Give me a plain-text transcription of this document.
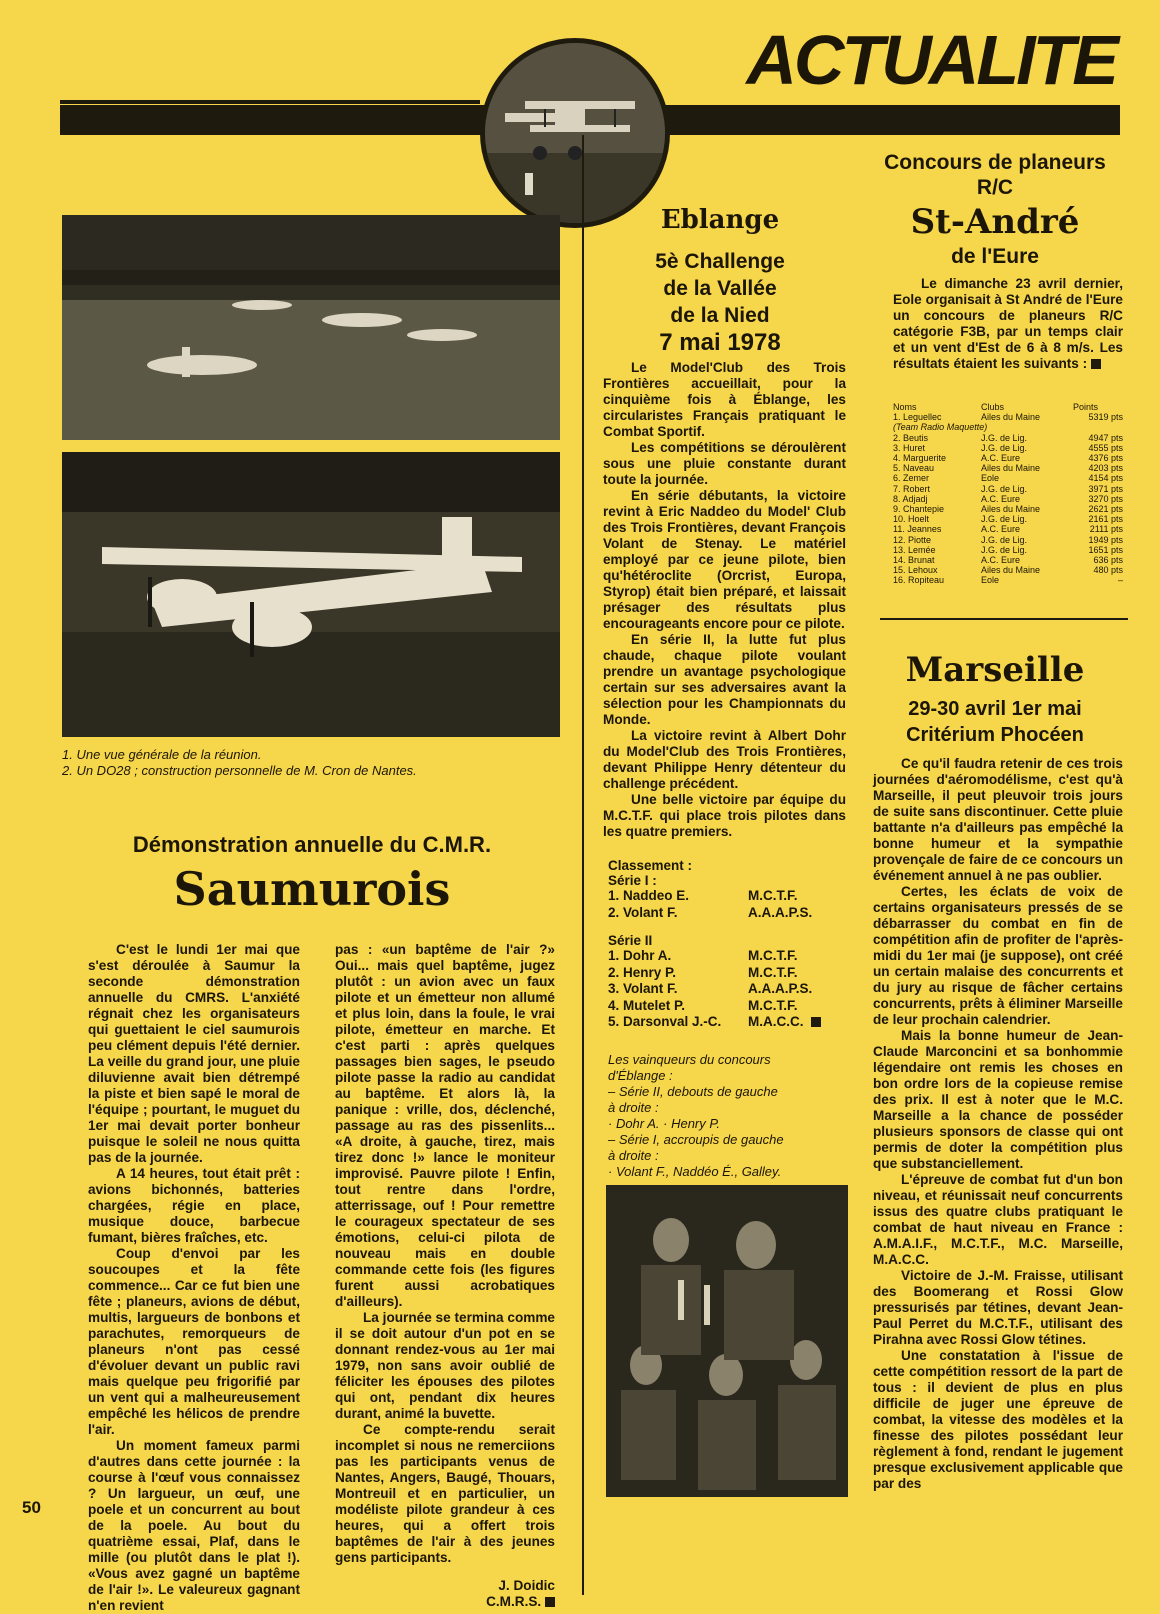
ACTUALITE
1. Une vue générale de la réunion.
2. Un DO28 ; construction personnelle de M. Cron de Nantes.
Démonstration annuelle du C.M.R.
Saumurois

C'est le lundi 1er mai que s'est déroulée à Saumur la seconde démonstration annuelle du CMRS. L'anxiété régnait chez les organisateurs qui guettaient le ciel saumurois peu clément depuis l'été dernier. La veille du grand jour, une pluie diluvienne avait bien détrempé la piste et bien sapé le moral de l'équipe ; pourtant, le muguet du 1er mai devait porter bonheur puisque le soleil ne nous quitta pas de la journée.

A 14 heures, tout était prêt : avions bichonnés, batteries chargées, régie en place, musique douce, barbecue fumant, bières fraîches, etc.

Coup d'envoi par les soucoupes et la fête commence... Car ce fut bien une fête ; planeurs, avions de début, multis, largueurs de bonbons et parachutes, remorqueurs de planeurs n'ont pas cessé d'évoluer devant un public ravi mais quelque peu frigorifié par un vent qui a malheureusement empêché les hélicos de prendre l'air.

Un moment fameux parmi d'autres dans cette journée : la course à l'œuf vous connaissez ? Un largueur, un œuf, une poele et un concurrent au bout de la poele. Au bout du quatrième essai, Plaf, dans le mille (ou plutôt dans le plat !). «Vous avez gagné un baptême de l'air !». Le valeureux gagnant n'en revient

50

pas : «un baptême de l'air ?» Oui... mais quel baptême, jugez plutôt : un avion avec un faux pilote et un émetteur non allumé et plus loin, dans la foule, le vrai pilote, émetteur en marche. Et c'est parti : après quelques passages bien sages, le pseudo pilote passe la radio au candidat au baptême. Et alors là, la panique : vrille, dos, déclenché, passage au ras des pissenlits... «A droite, à gauche, tirez, mais tirez donc !» lance le moniteur improvisé. Pauvre pilote ! Enfin, tout rentre dans l'ordre, atterrissage, ouf ! Pour remettre le courageux spectateur de ses émotions, celui-ci pilota de nouveau mais en double commande cette fois (les figures furent aussi acrobatiques d'ailleurs).

La journée se termina comme il se doit autour d'un pot en se donnant rendez-vous au 1er mai 1979, non sans avoir oublié de féliciter les épouses des pilotes qui ont, pendant dix heures durant, animé la buvette.

Ce compte-rendu serait incomplet si nous ne remerciions pas les participants venus de Nantes, Angers, Baugé, Thouars, Montreuil et en particulier, un modéliste pilote grandeur à ces heures, qui a offert trois baptêmes de l'air à des jeunes gens participants.

J. Doidic
C.M.R.S.
Eblange
5è Challenge
de la Vallée
de la Nied
7 mai 1978

Le Model'Club des Trois Frontières accueillait, pour la cinquième fois à Éblange, les circularistes Français pratiquant le Combat Sportif.

Les compétitions se déroulèrent sous une pluie constante durant toute la journée.

En série débutants, la victoire revint à Eric Naddeo du Model' Club des Trois Frontières, devant François Volant de Stenay. Le matériel employé par ce jeune pilote, bien qu'hétéroclite (Orcrist, Europa, Styrop) était bien préparé, et laissait présager des résultats plus encourageants encore pour ce pilote.

En série II, la lutte fut plus chaude, chaque pilote voulant prendre un avantage psychologique certain sur ses adversaires avant la sélection pour les Championnats du Monde.

La victoire revint à Albert Dohr du Model'Club des Trois Frontières, devant Philippe Henry détenteur du challenge précédent.

Une belle victoire par équipe du M.C.T.F. qui place trois pilotes dans les quatre premiers.

Classement :
Série I :
1. Naddeo E.	M.C.T.F.
2. Volant F.	A.A.A.P.S.
Série II
1. Dohr A.	M.C.T.F.
2. Henry P.	M.C.T.F.
3. Volant F.	A.A.A.P.S.
4. Mutelet P.	M.C.T.F.
5. Darsonval J.-C.	M.A.C.C.
Les vainqueurs du concours
d'Éblange :
– Série II, debouts de gauche
à droite :
· Dohr A. · Henry P.
– Série I, accroupis de gauche
à droite :
· Volant F., Naddéo É., Galley.
Concours de planeurs
R/C
St-André
de l'Eure

Le dimanche 23 avril dernier, Eole organisait à St André de l'Eure un concours de planeurs R/C catégorie F3B, par un temps clair et un vent d'Est de 6 à 8 m/s. Les résultats étaient les suivants :

Noms	Clubs	Points
1. Leguellec	Ailes du Maine	5319 pts
(Team Radio Maquette)		
2. Beutis	J.G. de Lig.	4947 pts
3. Huret	J.G. de Lig.	4555 pts
4. Marguerite	A.C. Eure	4376 pts
5. Naveau	Ailes du Maine	4203 pts
6. Zemer	Eole	4154 pts
7. Robert	J.G. de Lig.	3971 pts
8. Adjadj	A.C. Eure	3270 pts
9. Chantepie	Ailes du Maine	2621 pts
10. Hoelt	J.G. de Lig.	2161 pts
11. Jeannes	A.C. Eure	2111 pts
12. Piotte	J.G. de Lig.	1949 pts
13. Lemée	J.G. de Lig.	1651 pts
14. Brunat	A.C. Eure	636 pts
15. Lehoux	Ailes du Maine	480 pts
16. Ropiteau	Eole	–
Marseille
29-30 avril 1er mai
Critérium Phocéen

Ce qu'il faudra retenir de ces trois journées d'aéromodélisme, c'est qu'à Marseille, il peut pleuvoir trois jours de suite sans discontinuer. Cette pluie battante n'a d'ailleurs pas empêché la bonne humeur et la sympathie provençale de faire de ce concours un événement annuel à ne pas oublier.

Certes, les éclats de voix de certains organisateurs pressés de se débarrasser du combat en fin de compétition afin de profiter de l'après-midi du 1er mai (je suppose), ont créé un certain malaise des concurrents et du jury au risque de fâcher certains concurrents, prêts à éliminer Marseille de leur prochain calendrier.

Mais la bonne humeur de Jean-Claude Marconcini et sa bonhommie légendaire ont remis les choses en bon ordre lors de la copieuse remise des prix. Il est à noter que le M.C. Marseille a la chance de posséder plusieurs sponsors de classe qui ont permis de doter la compétition plus que substanciellement.

L'épreuve de combat fut d'un bon niveau, et réunissait neuf concurrents issus des quatre clubs pratiquant le combat de haut niveau en France : A.M.A.I.F., M.C.T.F., M.C. Marseille, M.A.C.C.

Victoire de J.-M. Fraisse, utilisant des Boomerang et Rossi Glow pressurisés par tétines, devant Jean-Paul Perret du M.C.T.F., utilisant des Pirahna avec Rossi Glow tétines.

Une constatation à l'issue de cette compétition ressort de la part de tous : il devient de plus en plus difficile de juger une épreuve de combat, la vitesse des modèles et la finesse des pilotes possédant leur règlement à fond, rendant le jugement presque exclusivement applicable que par des
